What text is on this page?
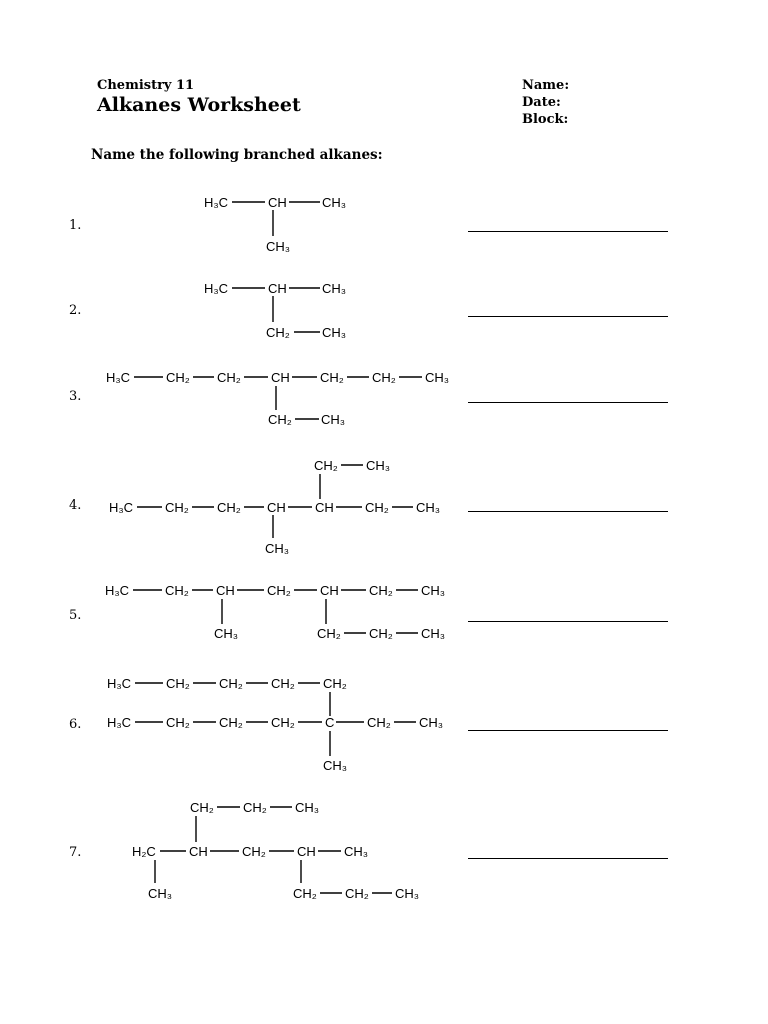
Chemistry 11
Alkanes Worksheet
Name:
Date:
Block:
Name the following branched alkanes:
1.
2.
3.
4.
5.
6.
7.
H₃C	CH	CH₃
CH₃
H₃C	CH	CH₃
CH₂ CH₃
H₃C	CH₂ CH₂ CH CH₂ CH₂ CH₃
CH₂ CH₃
CH₂ CH₃
H₃C CH₂ CH₂ CH CH CH₂ CH₃
CH₃
H₃C	CH₂ CH CH₂ CH CH₂ CH₃
CH₃	CH₂ CH₂ CH₃
H₃C	CH₂ CH₂ CH₂ CH₂
H₃C	CH₂ CH₂ CH₂ C	CH₂ CH₃
CH₃
CH₂ CH₂ CH₃
H₂C	CH	CH₂ CH CH₃
CH₃	CH₂ CH₂ CH₃
